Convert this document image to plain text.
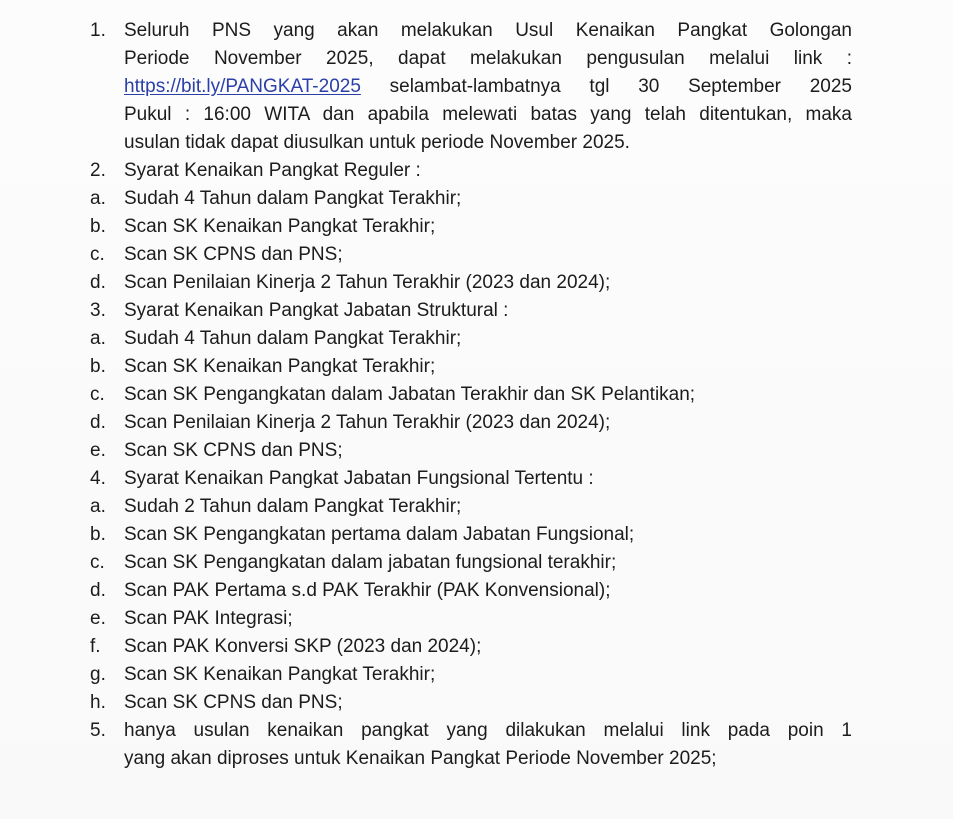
1. Seluruh PNS yang akan melakukan Usul Kenaikan Pangkat Golongan
Periode November 2025, dapat melakukan pengusulan melalui link :
https://bit.ly/PANGKAT-2025 selambat-lambatnya tgl 30 September 2025
Pukul : 16:00 WITA dan apabila melewati batas yang telah ditentukan, maka
usulan tidak dapat diusulkan untuk periode November 2025.
2. Syarat Kenaikan Pangkat Reguler :
a. Sudah 4 Tahun dalam Pangkat Terakhir;
b. Scan SK Kenaikan Pangkat Terakhir;
c.	Scan SK CPNS dan PNS;
d. Scan Penilaian Kinerja 2 Tahun Terakhir (2023 dan 2024);
3. Syarat Kenaikan Pangkat Jabatan Struktural :
a. Sudah 4 Tahun dalam Pangkat Terakhir;
b. Scan SK Kenaikan Pangkat Terakhir;
c.	Scan SK Pengangkatan dalam Jabatan Terakhir dan SK Pelantikan;
d. Scan Penilaian Kinerja 2 Tahun Terakhir (2023 dan 2024);
e. Scan SK CPNS dan PNS;
4. Syarat Kenaikan Pangkat Jabatan Fungsional Tertentu :
a. Sudah 2 Tahun dalam Pangkat Terakhir;
b. Scan SK Pengangkatan pertama dalam Jabatan Fungsional;
c.	Scan SK Pengangkatan dalam jabatan fungsional terakhir;
d. Scan PAK Pertama s.d PAK Terakhir (PAK Konvensional);
e. Scan PAK Integrasi;
f.	Scan PAK Konversi SKP (2023 dan 2024);
g. Scan SK Kenaikan Pangkat Terakhir;
h. Scan SK CPNS dan PNS;
5. hanya usulan kenaikan pangkat yang dilakukan melalui link pada poin 1
yang akan diproses untuk Kenaikan Pangkat Periode November 2025;
